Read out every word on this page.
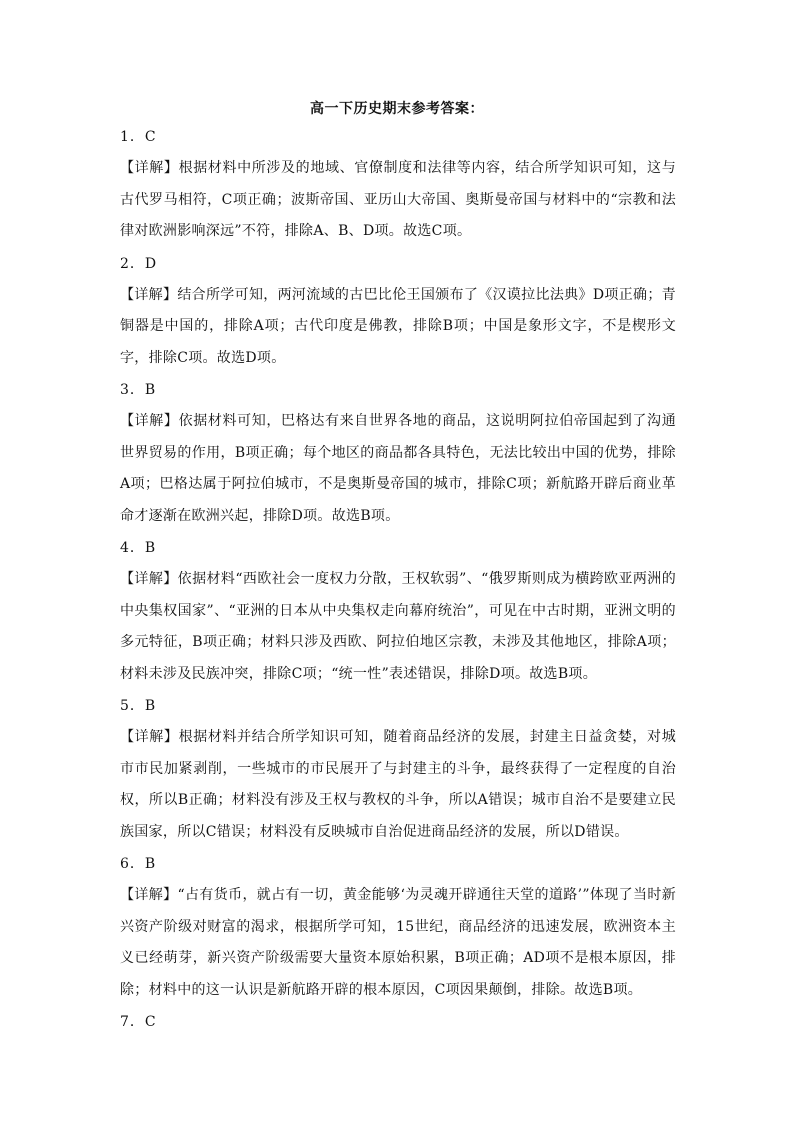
高一下历史期末参考答案：
1．C
【详解】根据材料中所涉及的地域、官僚制度和法律等内容，结合所学知识可知，这与古代罗马相符，C项正确；波斯帝国、亚历山大帝国、奥斯曼帝国与材料中的“宗教和法律对欧洲影响深远”不符，排除A、B、D项。故选C项。
2．D
【详解】结合所学可知，两河流域的古巴比伦王国颁布了《汉谟拉比法典》D项正确；青铜器是中国的，排除A项；古代印度是佛教，排除B项；中国是象形文字，不是楔形文字，排除C项。故选D项。
3．B
【详解】依据材料可知，巴格达有来自世界各地的商品，这说明阿拉伯帝国起到了沟通世界贸易的作用，B项正确；每个地区的商品都各具特色，无法比较出中国的优势，排除A项；巴格达属于阿拉伯城市，不是奥斯曼帝国的城市，排除C项；新航路开辟后商业革命才逐渐在欧洲兴起，排除D项。故选B项。
4．B
【详解】依据材料“西欧社会一度权力分散，王权软弱”、“俄罗斯则成为横跨欧亚两洲的中央集权国家”、“亚洲的日本从中央集权走向幕府统治”，可见在中古时期，亚洲文明的多元特征，B项正确；材料只涉及西欧、阿拉伯地区宗教，未涉及其他地区，排除A项；材料未涉及民族冲突，排除C项；“统一性”表述错误，排除D项。故选B项。
5．B
【详解】根据材料并结合所学知识可知，随着商品经济的发展，封建主日益贪婪，对城市市民加紧剥削，一些城市的市民展开了与封建主的斗争，最终获得了一定程度的自治权，所以B正确；材料没有涉及王权与教权的斗争，所以A错误；城市自治不是要建立民族国家，所以C错误；材料没有反映城市自治促进商品经济的发展，所以D错误。
6．B
【详解】“占有货币，就占有一切，黄金能够‘为灵魂开辟通往天堂的道路’”体现了当时新兴资产阶级对财富的渴求，根据所学可知，15世纪，商品经济的迅速发展，欧洲资本主义已经萌芽，新兴资产阶级需要大量资本原始积累，B项正确；AD项不是根本原因，排除；材料中的这一认识是新航路开辟的根本原因，C项因果颠倒，排除。故选B项。
7．C
